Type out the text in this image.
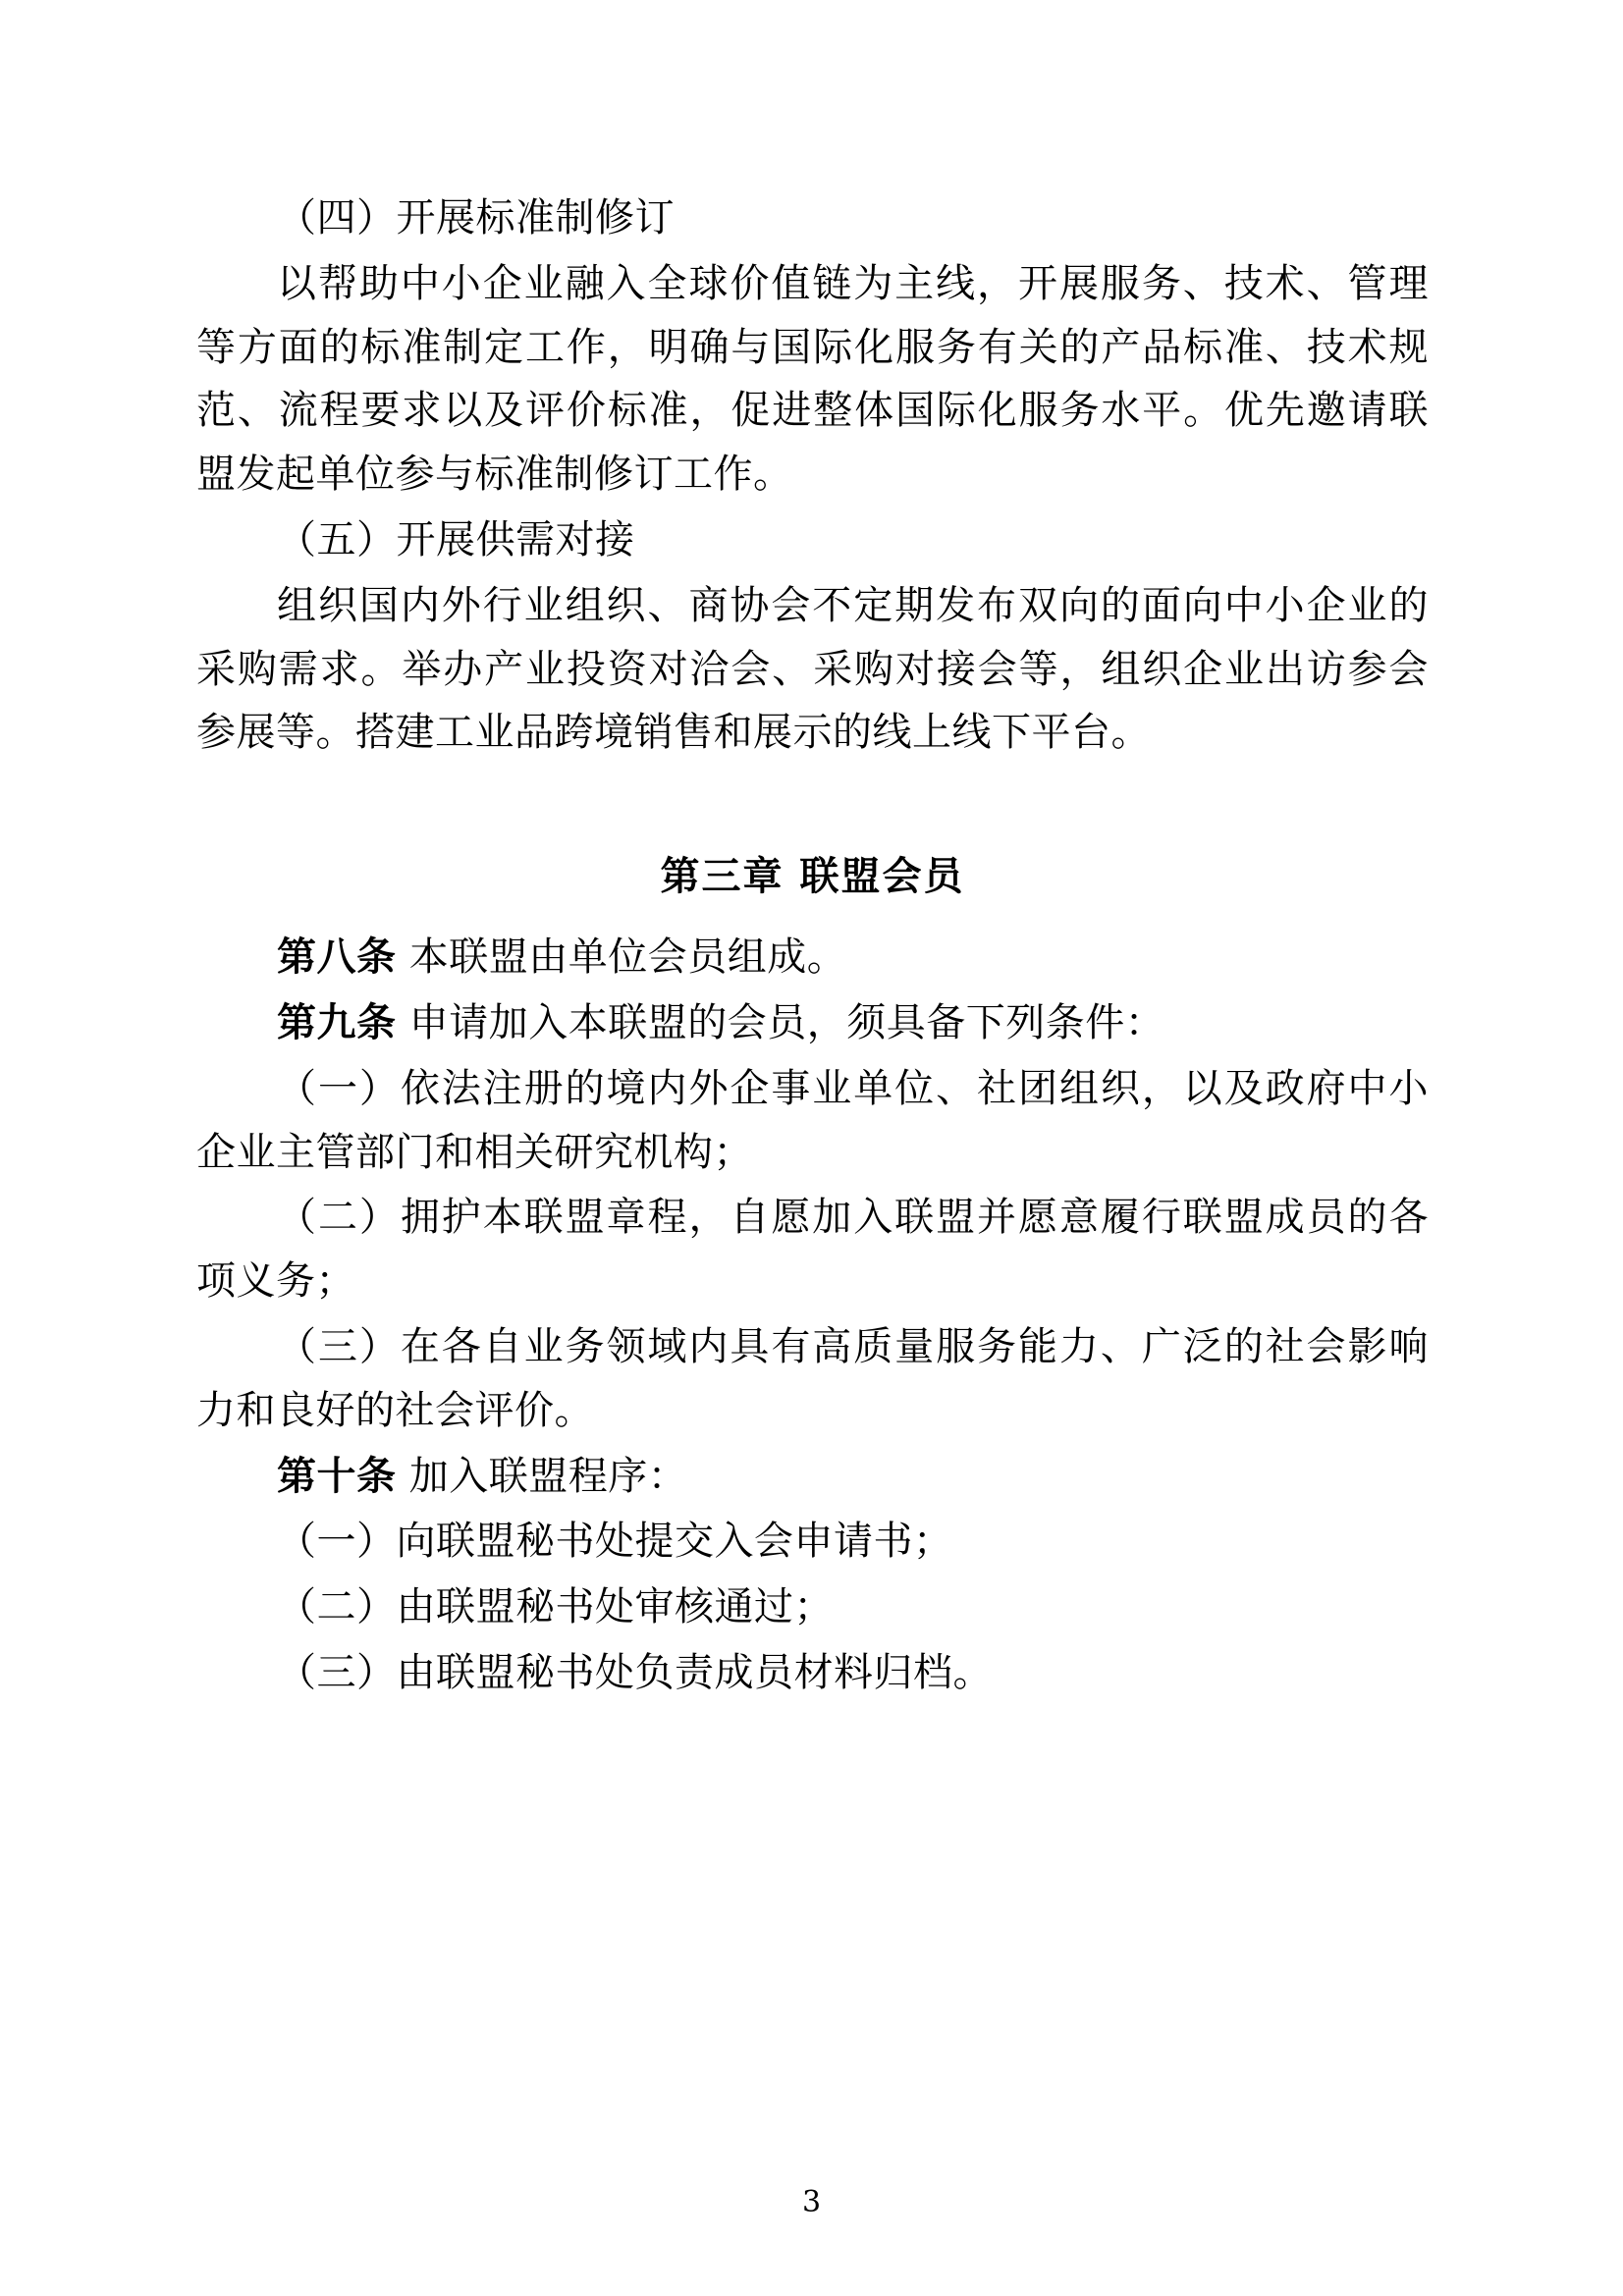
（四）开展标准制修订

以帮助中小企业融入全球价值链为主线，开展服务、技术、管理等方面的标准制定工作，明确与国际化服务有关的产品标准、技术规范、流程要求以及评价标准，促进整体国际化服务水平。优先邀请联盟发起单位参与标准制修订工作。

（五）开展供需对接

组织国内外行业组织、商协会不定期发布双向的面向中小企业的采购需求。举办产业投资对洽会、采购对接会等，组织企业出访参会参展等。搭建工业品跨境销售和展示的线上线下平台。

第三章 联盟会员

第八条 本联盟由单位会员组成。

第九条 申请加入本联盟的会员，须具备下列条件：

（一）依法注册的境内外企事业单位、社团组织，以及政府中小企业主管部门和相关研究机构；

（二）拥护本联盟章程，自愿加入联盟并愿意履行联盟成员的各项义务；

（三）在各自业务领域内具有高质量服务能力、广泛的社会影响力和良好的社会评价。

第十条 加入联盟程序：

（一）向联盟秘书处提交入会申请书；

（二）由联盟秘书处审核通过；

（三）由联盟秘书处负责成员材料归档。

3
